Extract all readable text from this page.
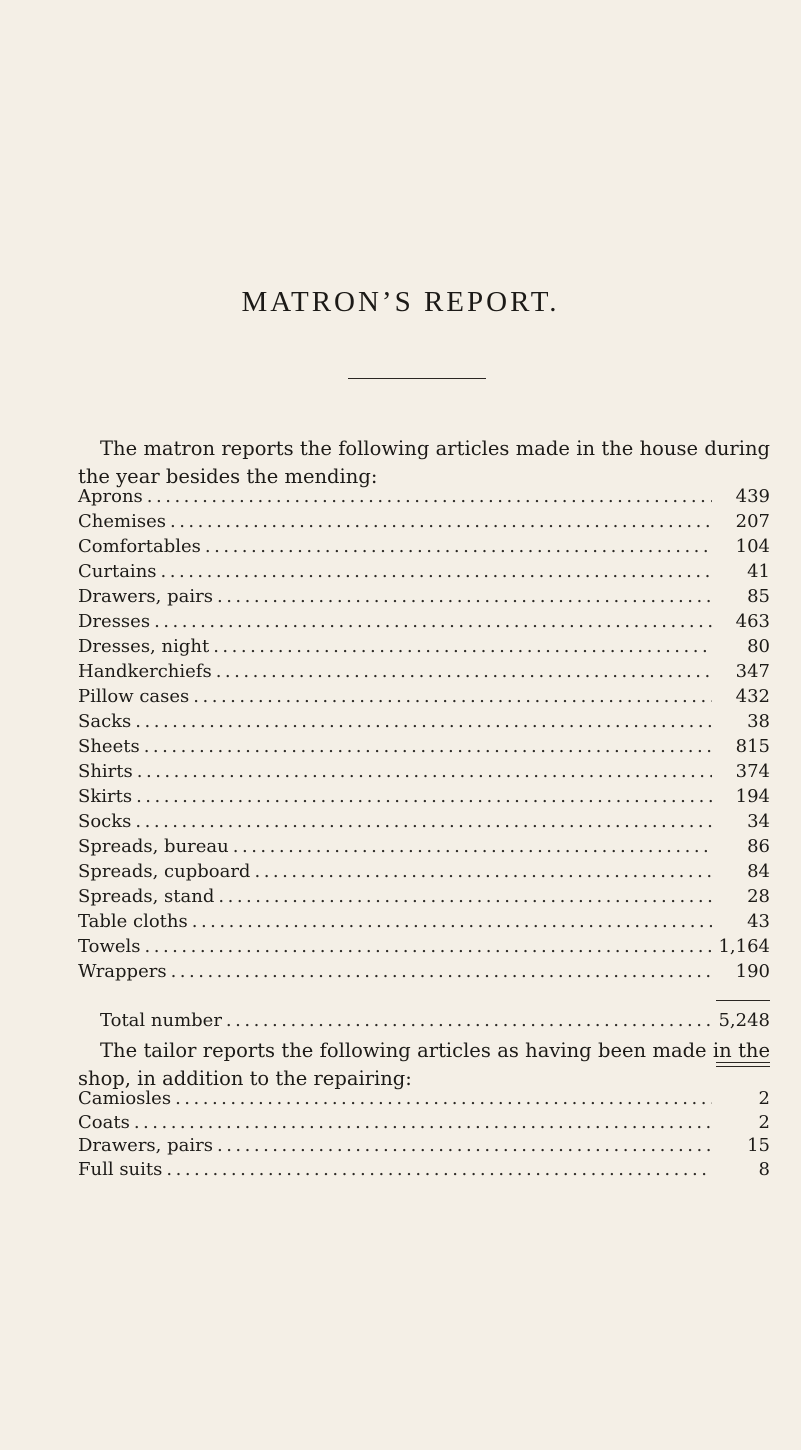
MATRON’S REPORT.

The matron reports the following articles made in the house during the year besides the mending:

Aprons .....	439
Chemises .....	207
Comfortables .....	104
Curtains .....	41
Drawers, pairs .....	85
Dresses .....	463
Dresses, night .....	80
Handkerchiefs .....	347
Pillow cases .....	432
Sacks .....	38
Sheets .....	815
Shirts .....	374
Skirts .....	194
Socks .....	34
Spreads, bureau .....	86
Spreads, cupboard .....	84
Spreads, stand .....	28
Table cloths .....	43
Towels .....	1,164
Wrappers .....	190
Total number .....	5,248

The tailor reports the following articles as having been made in the shop, in addition to the repairing:

Camiosles .....	2
Coats .....	2
Drawers, pairs .....	15
Full suits .....	8
